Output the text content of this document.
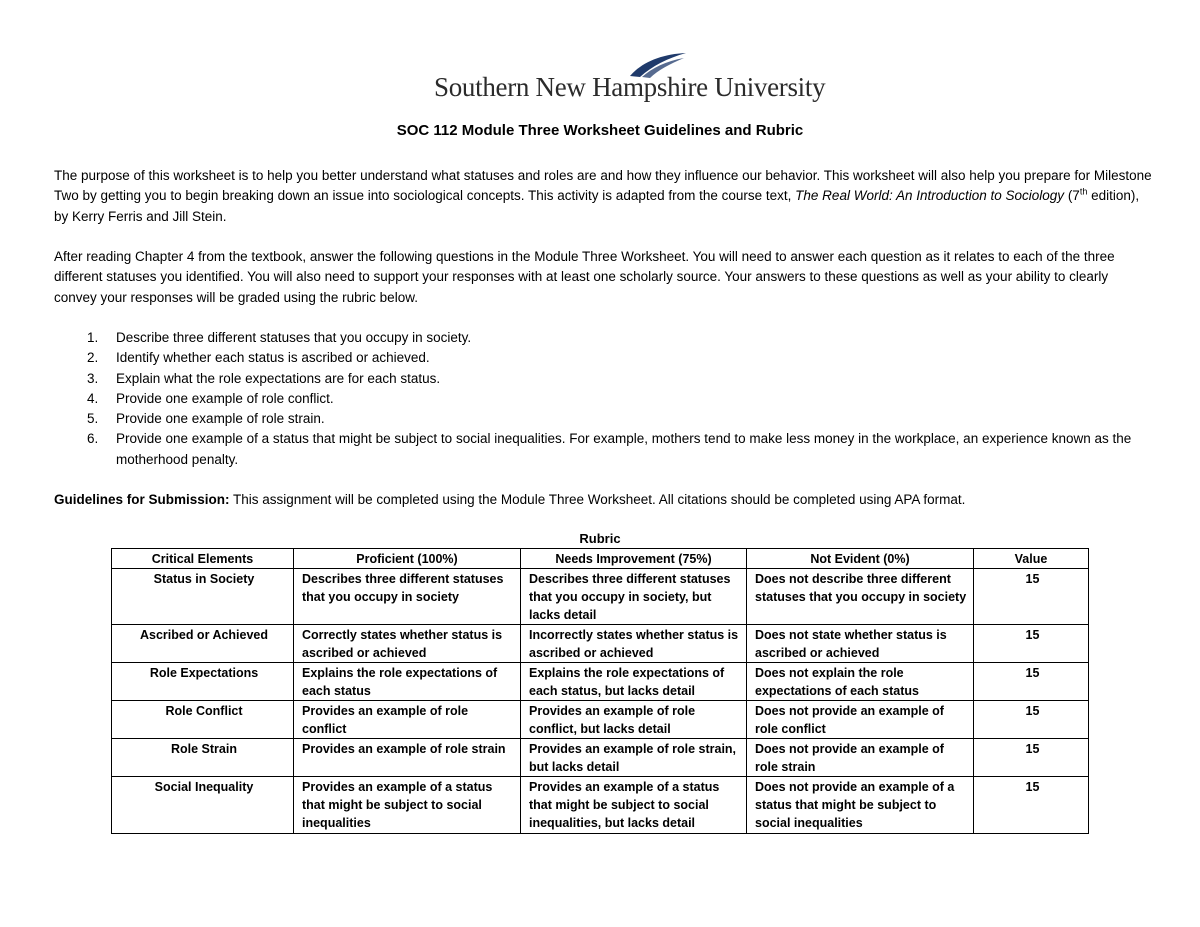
Southern New Hampshire University
SOC 112 Module Three Worksheet Guidelines and Rubric
The purpose of this worksheet is to help you better understand what statuses and roles are and how they influence our behavior. This worksheet will also help you prepare for Milestone Two by getting you to begin breaking down an issue into sociological concepts. This activity is adapted from the course text, The Real World: An Introduction to Sociology (7th edition), by Kerry Ferris and Jill Stein.
After reading Chapter 4 from the textbook, answer the following questions in the Module Three Worksheet. You will need to answer each question as it relates to each of the three different statuses you identified. You will also need to support your responses with at least one scholarly source. Your answers to these questions as well as your ability to clearly convey your responses will be graded using the rubric below.
1. Describe three different statuses that you occupy in society.
2. Identify whether each status is ascribed or achieved.
3. Explain what the role expectations are for each status.
4. Provide one example of role conflict.
5. Provide one example of role strain.
6. Provide one example of a status that might be subject to social inequalities. For example, mothers tend to make less money in the workplace, an experience known as the motherhood penalty.
Guidelines for Submission: This assignment will be completed using the Module Three Worksheet. All citations should be completed using APA format.
Rubric
Critical Elements	Proficient (100%)	Needs Improvement (75%)	Not Evident (0%)	Value
Status in Society	Describes three different statuses that you occupy in society	Describes three different statuses that you occupy in society, but lacks detail	Does not describe three different statuses that you occupy in society	15
Ascribed or Achieved	Correctly states whether status is ascribed or achieved	Incorrectly states whether status is ascribed or achieved	Does not state whether status is ascribed or achieved	15
Role Expectations	Explains the role expectations of each status	Explains the role expectations of each status, but lacks detail	Does not explain the role expectations of each status	15
Role Conflict	Provides an example of role conflict	Provides an example of role conflict, but lacks detail	Does not provide an example of role conflict	15
Role Strain	Provides an example of role strain	Provides an example of role strain, but lacks detail	Does not provide an example of role strain	15
Social Inequality	Provides an example of a status that might be subject to social inequalities	Provides an example of a status that might be subject to social inequalities, but lacks detail	Does not provide an example of a status that might be subject to social inequalities	15
